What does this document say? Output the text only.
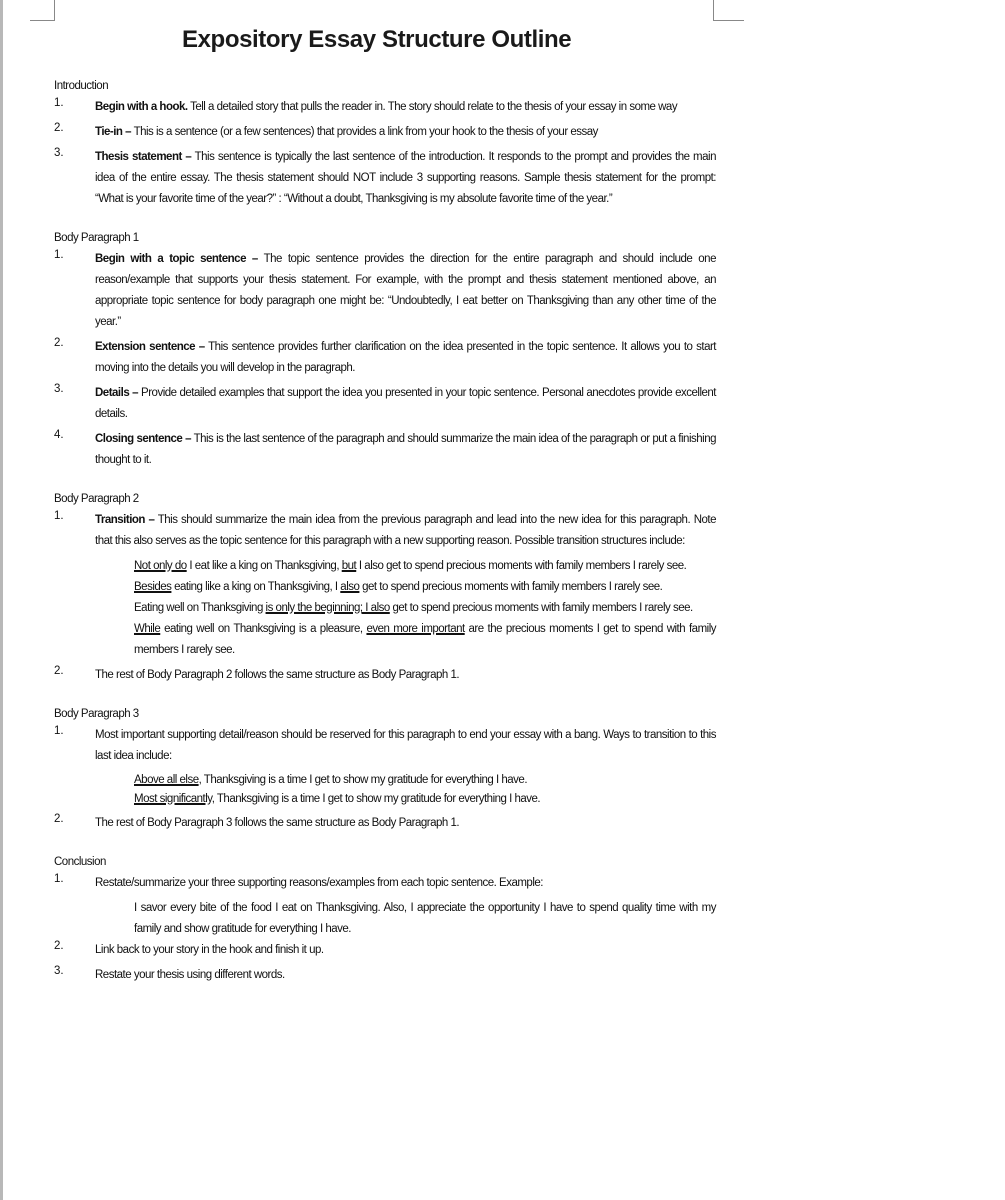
Expository Essay Structure Outline
Introduction
1.	Begin with a hook. Tell a detailed story that pulls the reader in. The story should relate to the thesis of your essay in some way
2.	Tie-in – This is a sentence (or a few sentences) that provides a link from your hook to the thesis of your essay
3.	Thesis statement – This sentence is typically the last sentence of the introduction. It responds to the prompt and provides the main idea of the entire essay. The thesis statement should NOT include 3 supporting reasons. Sample thesis statement for the prompt: “What is your favorite time of the year?” : “Without a doubt, Thanksgiving is my absolute favorite time of the year.”
Body Paragraph 1
1.	Begin with a topic sentence – The topic sentence provides the direction for the entire paragraph and should include one reason/example that supports your thesis statement. For example, with the prompt and thesis statement mentioned above, an appropriate topic sentence for body paragraph one might be: “Undoubtedly, I eat better on Thanksgiving than any other time of the year.”
2.	Extension sentence – This sentence provides further clarification on the idea presented in the topic sentence. It allows you to start moving into the details you will develop in the paragraph.
3.	Details – Provide detailed examples that support the idea you presented in your topic sentence. Personal anecdotes provide excellent details.
4.	Closing sentence – This is the last sentence of the paragraph and should summarize the main idea of the paragraph or put a finishing thought to it.
Body Paragraph 2
1.	Transition – This should summarize the main idea from the previous paragraph and lead into the new idea for this paragraph. Note that this also serves as the topic sentence for this paragraph with a new supporting reason. Possible transition structures include:
Not only do I eat like a king on Thanksgiving, but I also get to spend precious moments with family members I rarely see.
Besides eating like a king on Thanksgiving, I also get to spend precious moments with family members I rarely see.
Eating well on Thanksgiving is only the beginning; I also get to spend precious moments with family members I rarely see.
While eating well on Thanksgiving is a pleasure, even more important are the precious moments I get to spend with family members I rarely see.
2.	The rest of Body Paragraph 2 follows the same structure as Body Paragraph 1.
Body Paragraph 3
1.	Most important supporting detail/reason should be reserved for this paragraph to end your essay with a bang. Ways to transition to this last idea include:
Above all else, Thanksgiving is a time I get to show my gratitude for everything I have.
Most significantly, Thanksgiving is a time I get to show my gratitude for everything I have.
2.	The rest of Body Paragraph 3 follows the same structure as Body Paragraph 1.
Conclusion
1.	Restate/summarize your three supporting reasons/examples from each topic sentence. Example:
I savor every bite of the food I eat on Thanksgiving. Also, I appreciate the opportunity I have to spend quality time with my family and show gratitude for everything I have.
2.	Link back to your story in the hook and finish it up.
3.	Restate your thesis using different words.
